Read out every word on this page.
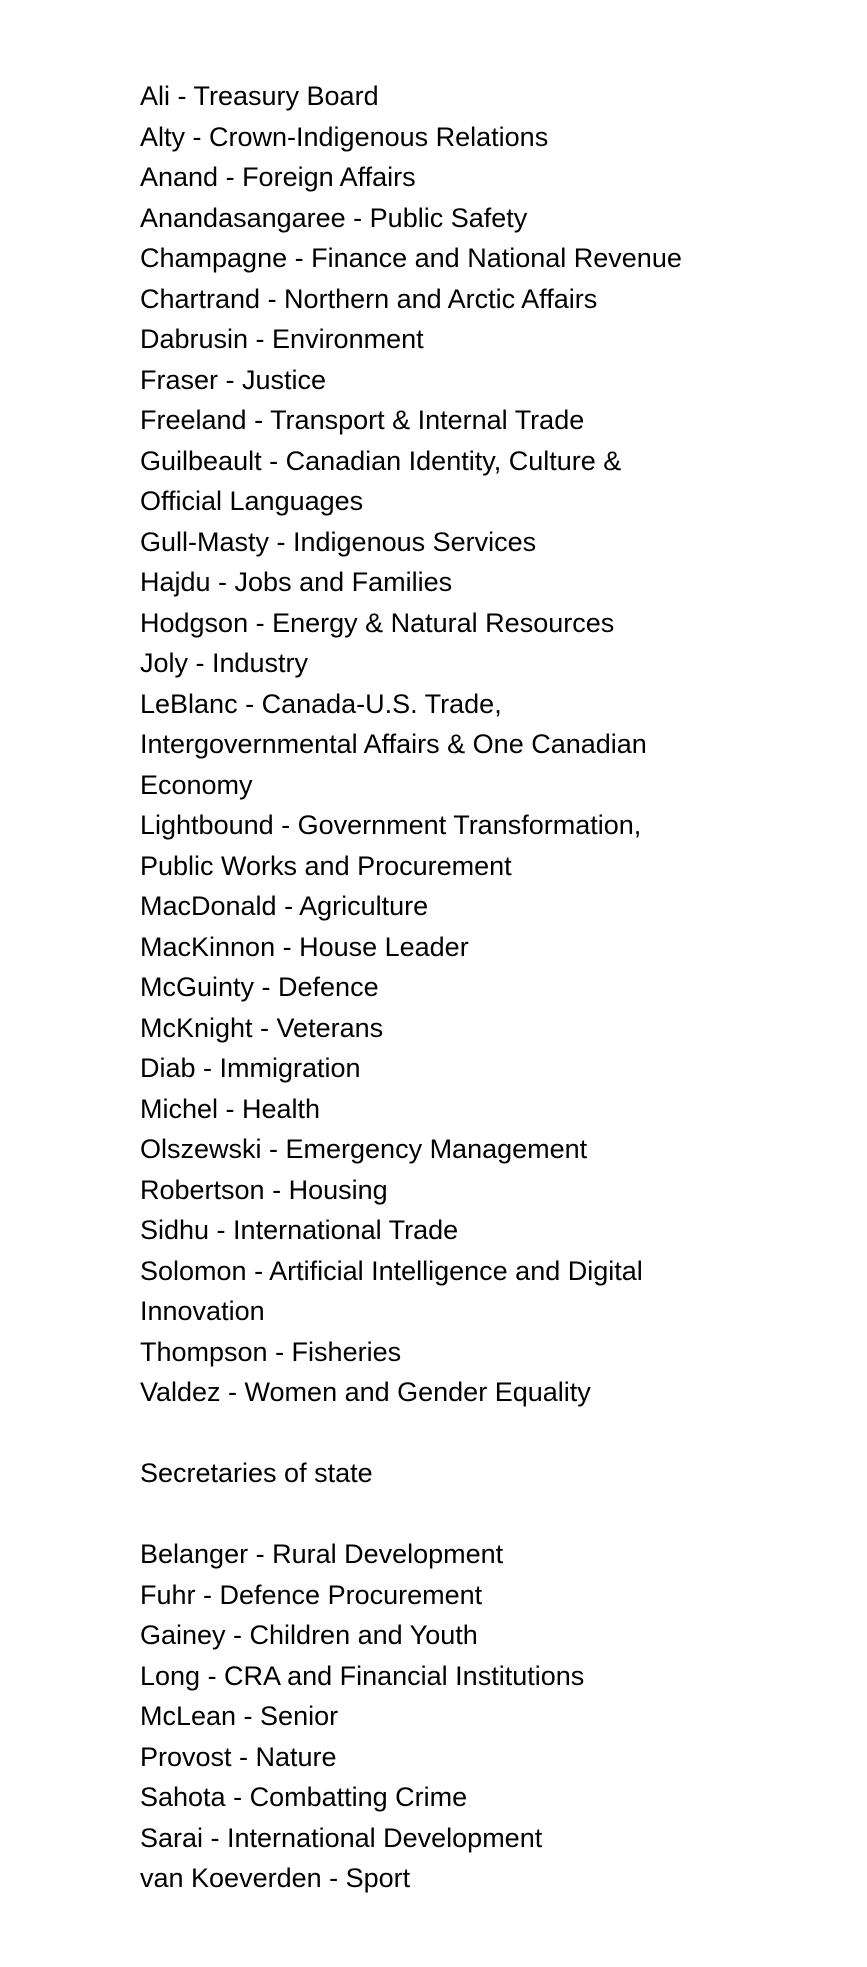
Ali - Treasury Board
Alty - Crown-Indigenous Relations
Anand - Foreign Affairs
Anandasangaree - Public Safety
Champagne - Finance and National Revenue
Chartrand - Northern and Arctic Affairs
Dabrusin - Environment
Fraser - Justice
Freeland - Transport & Internal Trade
Guilbeault - Canadian Identity, Culture &
Official Languages
Gull-Masty - Indigenous Services
Hajdu - Jobs and Families
Hodgson - Energy & Natural Resources
Joly - Industry
LeBlanc - Canada-U.S. Trade,
Intergovernmental Affairs & One Canadian
Economy
Lightbound - Government Transformation,
Public Works and Procurement
MacDonald - Agriculture
MacKinnon - House Leader
McGuinty - Defence
McKnight - Veterans
Diab - Immigration
Michel - Health
Olszewski - Emergency Management
Robertson - Housing
Sidhu - International Trade
Solomon - Artificial Intelligence and Digital
Innovation
Thompson - Fisheries
Valdez - Women and Gender Equality
Secretaries of state
Belanger - Rural Development
Fuhr - Defence Procurement
Gainey - Children and Youth
Long - CRA and Financial Institutions
McLean - Senior
Provost - Nature
Sahota - Combatting Crime
Sarai - International Development
van Koeverden - Sport
